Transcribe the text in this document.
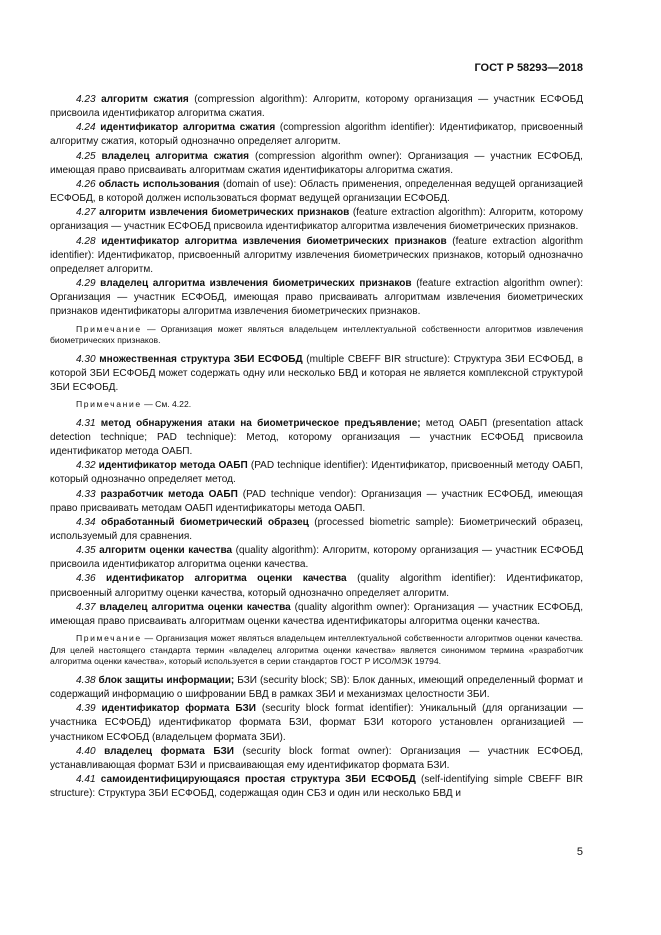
ГОСТ Р 58293—2018

4.23 алгоритм сжатия (compression algorithm): Алгоритм, которому организация — участник ЕСФОБД присвоила идентификатор алгоритма сжатия.

4.24 идентификатор алгоритма сжатия (compression algorithm identifier): Идентификатор, присвоенный алгоритму сжатия, который однозначно определяет алгоритм.

4.25 владелец алгоритма сжатия (compression algorithm owner): Организация — участник ЕСФОБД, имеющая право присваивать алгоритмам сжатия идентификаторы алгоритма сжатия.

4.26 область использования (domain of use): Область применения, определенная ведущей организацией ЕСФОБД, в которой должен использоваться формат ведущей организации ЕСФОБД.

4.27 алгоритм извлечения биометрических признаков (feature extraction algorithm): Алгоритм, которому организация — участник ЕСФОБД присвоила идентификатор алгоритма извлечения биометрических признаков.

4.28 идентификатор алгоритма извлечения биометрических признаков (feature extraction algorithm identifier): Идентификатор, присвоенный алгоритму извлечения биометрических признаков, который однозначно определяет алгоритм.

4.29 владелец алгоритма извлечения биометрических признаков (feature extraction algorithm owner): Организация — участник ЕСФОБД, имеющая право присваивать алгоритмам извлечения биометрических признаков идентификаторы алгоритма извлечения биометрических признаков.

Примечание — Организация может являться владельцем интеллектуальной собственности алгоритмов извлечения биометрических признаков.

4.30 множественная структура ЗБИ ЕСФОБД (multiple CBEFF BIR structure): Структура ЗБИ ЕСФОБД, в которой ЗБИ ЕСФОБД может содержать одну или несколько БВД и которая не является комплексной структурой ЗБИ ЕСФОБД.

Примечание — См. 4.22.

4.31 метод обнаружения атаки на биометрическое предъявление; метод ОАБП (presentation attack detection technique; PAD technique): Метод, которому организация — участник ЕСФОБД присвоила идентификатор метода ОАБП.

4.32 идентификатор метода ОАБП (PAD technique identifier): Идентификатор, присвоенный методу ОАБП, который однозначно определяет метод.

4.33 разработчик метода ОАБП (PAD technique vendor): Организация — участник ЕСФОБД, имеющая право присваивать методам ОАБП идентификаторы метода ОАБП.

4.34 обработанный биометрический образец (processed biometric sample): Биометрический образец, используемый для сравнения.

4.35 алгоритм оценки качества (quality algorithm): Алгоритм, которому организация — участник ЕСФОБД присвоила идентификатор алгоритма оценки качества.

4.36 идентификатор алгоритма оценки качества (quality algorithm identifier): Идентификатор, присвоенный алгоритму оценки качества, который однозначно определяет алгоритм.

4.37 владелец алгоритма оценки качества (quality algorithm owner): Организация — участник ЕСФОБД, имеющая право присваивать алгоритмам оценки качества идентификаторы алгоритма оценки качества.

Примечание — Организация может являться владельцем интеллектуальной собственности алгоритмов оценки качества. Для целей настоящего стандарта термин «владелец алгоритма оценки качества» является синонимом термина «разработчик алгоритма оценки качества», который используется в серии стандартов ГОСТ Р ИСО/МЭК 19794.

4.38 блок защиты информации; БЗИ (security block; SB): Блок данных, имеющий определенный формат и содержащий информацию о шифровании БВД в рамках ЗБИ и механизмах целостности ЗБИ.

4.39 идентификатор формата БЗИ (security block format identifier): Уникальный (для организации — участника ЕСФОБД) идентификатор формата БЗИ, формат БЗИ которого установлен организацией — участником ЕСФОБД (владельцем формата ЗБИ).

4.40 владелец формата БЗИ (security block format owner): Организация — участник ЕСФОБД, устанавливающая формат БЗИ и присваивающая ему идентификатор формата БЗИ.

4.41 самоидентифицирующаяся простая структура ЗБИ ЕСФОБД (self-identifying simple CBEFF BIR structure): Структура ЗБИ ЕСФОБД, содержащая один СБЗ и один или несколько БВД и

5
